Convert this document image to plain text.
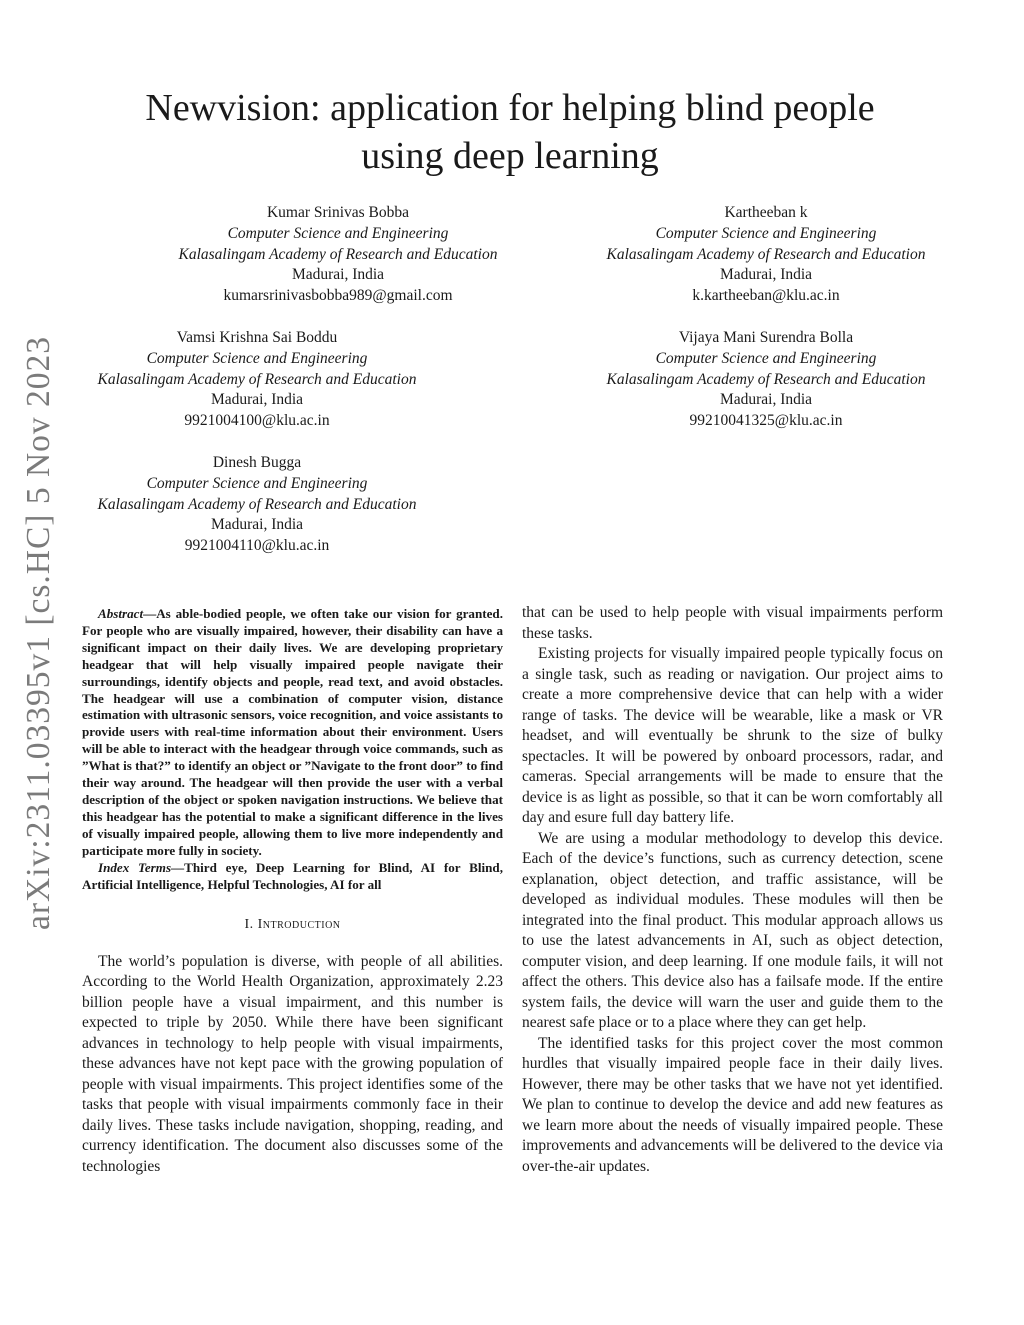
arXiv:2311.03395v1 [cs.HC] 5 Nov 2023
Newvision: application for helping blind people
using deep learning
Kumar Srinivas Bobba
Computer Science and Engineering
Kalasalingam Academy of Research and Education
Madurai, India
kumarsrinivasbobba989@gmail.com
Kartheeban k
Computer Science and Engineering
Kalasalingam Academy of Research and Education
Madurai, India
k.kartheeban@klu.ac.in
Vamsi Krishna Sai Boddu
Computer Science and Engineering
Kalasalingam Academy of Research and Education
Madurai, India
9921004100@klu.ac.in
Vijaya Mani Surendra Bolla
Computer Science and Engineering
Kalasalingam Academy of Research and Education
Madurai, India
99210041325@klu.ac.in
Dinesh Bugga
Computer Science and Engineering
Kalasalingam Academy of Research and Education
Madurai, India
9921004110@klu.ac.in

Abstract—As able-bodied people, we often take our vision for granted. For people who are visually impaired, however, their disability can have a significant impact on their daily lives. We are developing proprietary headgear that will help visually impaired people navigate their surroundings, identify objects and people, read text, and avoid obstacles. The headgear will use a combination of computer vision, distance estimation with ultrasonic sensors, voice recognition, and voice assistants to provide users with real-time information about their environment. Users will be able to interact with the headgear through voice commands, such as ”What is that?” to identify an object or ”Navigate to the front door” to find their way around. The headgear will then provide the user with a verbal description of the object or spoken navigation instructions. We believe that this headgear has the potential to make a significant difference in the lives of visually impaired people, allowing them to live more independently and participate more fully in society.

Index Terms—Third eye, Deep Learning for Blind, AI for Blind, Artificial Intelligence, Helpful Technologies, AI for all

I. Introduction

The world’s population is diverse, with people of all abilities. According to the World Health Organization, approximately 2.23 billion people have a visual impairment, and this number is expected to triple by 2050. While there have been significant advances in technology to help people with visual impairments, these advances have not kept pace with the growing population of people with visual impairments. This project identifies some of the tasks that people with visual impairments commonly face in their daily lives. These tasks include navigation, shopping, reading, and currency identification. The document also discusses some of the technologies

that can be used to help people with visual impairments perform these tasks.

Existing projects for visually impaired people typically focus on a single task, such as reading or navigation. Our project aims to create a more comprehensive device that can help with a wider range of tasks. The device will be wearable, like a mask or VR headset, and will eventually be shrunk to the size of bulky spectacles. It will be powered by onboard processors, radar, and cameras. Special arrangements will be made to ensure that the device is as light as possible, so that it can be worn comfortably all day and esure full day battery life.

We are using a modular methodology to develop this device. Each of the device’s functions, such as currency detection, scene explanation, object detection, and traffic assistance, will be developed as individual modules. These modules will then be integrated into the final product. This modular approach allows us to use the latest advancements in AI, such as object detection, computer vision, and deep learning. If one module fails, it will not affect the others. This device also has a failsafe mode. If the entire system fails, the device will warn the user and guide them to the nearest safe place or to a place where they can get help.

The identified tasks for this project cover the most common hurdles that visually impaired people face in their daily lives. However, there may be other tasks that we have not yet identified. We plan to continue to develop the device and add new features as we learn more about the needs of visually impaired people. These improvements and advancements will be delivered to the device via over-the-air updates.
